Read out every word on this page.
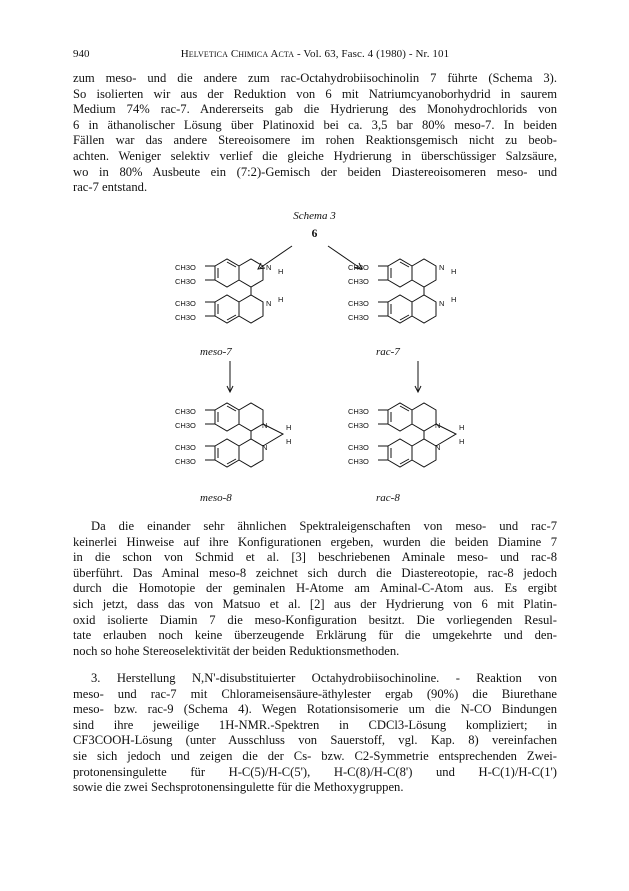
940	Helvetica Chimica Acta - Vol. 63, Fasc. 4 (1980) - Nr. 101
zum meso- und die andere zum rac-Octahydrobiisochinolin 7 führte (Schema 3).
So isolierten wir aus der Reduktion von 6 mit Natriumcyanoborhydrid in saurem
Medium 74% rac-7. Andererseits gab die Hydrierung des Monohydrochlorids von
6 in äthanolischer Lösung über Platinoxid bei ca. 3,5 bar 80% meso-7. In beiden
Fällen war das andere Stereoisomere im rohen Reaktionsgemisch nicht zu beob-
achten. Weniger selektiv verlief die gleiche Hydrierung in überschüssiger Salzsäure,
wo in 80% Ausbeute ein (7:2)-Gemisch der beiden Diastereoisomeren meso- und
rac-7 entstand.
Schema 3
6
CH3O
CH3O
CH3O
CH3O
N
N
H
H
CH3O
CH3O
CH3O
CH3O
N
N
H
H
CH3O
CH3O
CH3O
CH3O
N
N
H
H
CH3O
CH3O
CH3O
CH3O
N
N
H
H
meso-7	rac-7
meso-8	rac-8
Da die einander sehr ähnlichen Spektraleigenschaften von meso- und rac-7
keinerlei Hinweise auf ihre Konfigurationen ergeben, wurden die beiden Diamine 7
in die schon von Schmid et al. [3] beschriebenen Aminale meso- und rac-8
überführt. Das Aminal meso-8 zeichnet sich durch die Diastereotopie, rac-8 jedoch
durch die Homotopie der geminalen H-Atome am Aminal-C-Atom aus. Es ergibt
sich jetzt, dass das von Matsuo et al. [2] aus der Hydrierung von 6 mit Platin-
oxid isolierte Diamin 7 die meso-Konfiguration besitzt. Die vorliegenden Resul-
tate erlauben noch keine überzeugende Erklärung für die umgekehrte und den-
noch so hohe Stereoselektivität der beiden Reduktionsmethoden.
3. Herstellung N,N'-disubstituierter Octahydrobiisochinoline. - Reaktion von
meso- und rac-7 mit Chlorameisensäure-äthylester ergab (90%) die Biurethane
meso- bzw. rac-9 (Schema 4). Wegen Rotationsisomerie um die N-CO Bindungen
sind ihre jeweilige 1H-NMR.-Spektren in CDCl3-Lösung kompliziert; in
CF3COOH-Lösung (unter Ausschluss von Sauerstoff, vgl. Kap. 8) vereinfachen
sie sich jedoch und zeigen die der Cs- bzw. C2-Symmetrie entsprechenden Zwei-
protonensingulette für H-C(5)/H-C(5'), H-C(8)/H-C(8') und H-C(1)/H-C(1')
sowie die zwei Sechsprotonensingulette für die Methoxygruppen.
